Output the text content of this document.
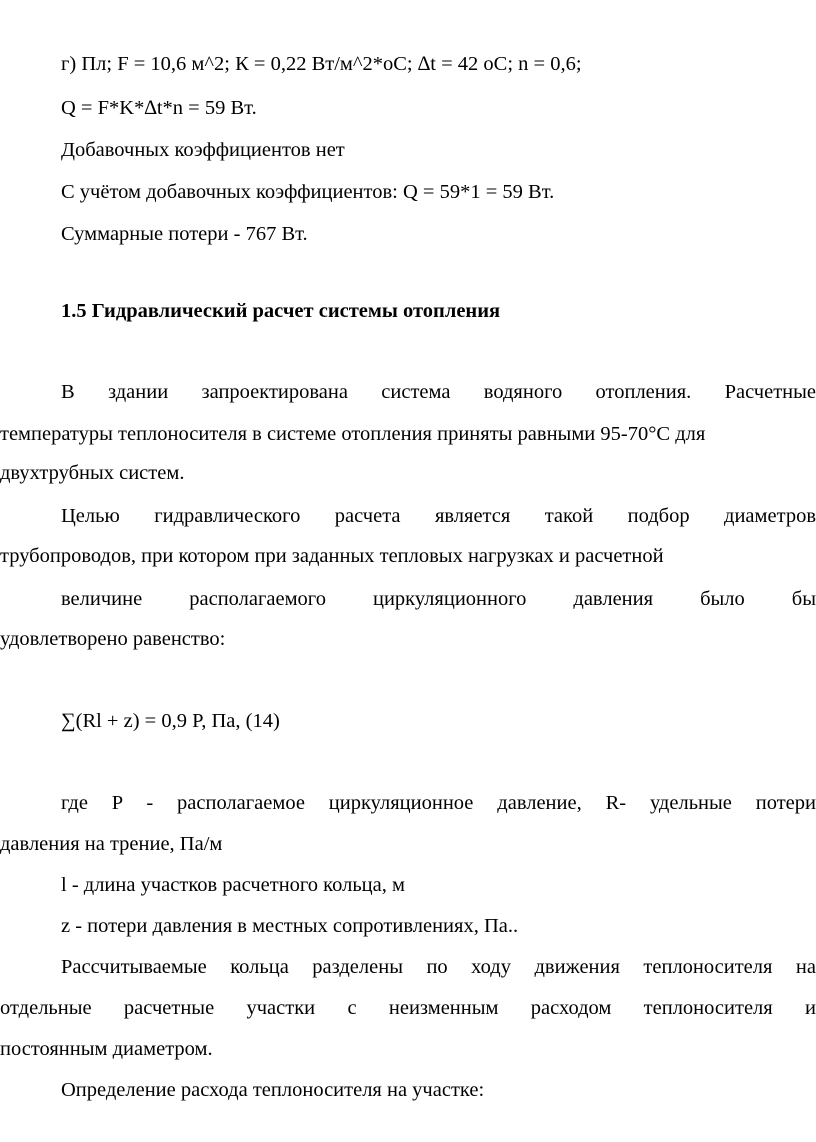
г) Пл; F = 10,6 м^2; К = 0,22 Вт/м^2*оС; ∆t = 42 оС; n = 0,6;
Q = F*K*∆t*n = 59 Вт.
Добавочных коэффициентов нет
С учётом добавочных коэффициентов: Q = 59*1 = 59 Вт.
Суммарные потери - 767 Вт.
1.5 Гидравлический расчет системы отопления
В здании запроектирована система водяного отопления. Расчетные
температуры теплоносителя в системе отопления приняты равными 95-70°C для
двухтрубных систем.
Целью гидравлического расчета является такой подбор диаметров
трубопроводов, при котором при заданных тепловых нагрузках и расчетной
величине располагаемого циркуляционного давления было бы
удовлетворено равенство:
∑(Rl + z) = 0,9 P, Па, (14)
где P - располагаемое циркуляционное давление, R- удельные потери
давления на трение, Па/м
l - длина участков расчетного кольца, м
z - потери давления в местных сопротивлениях, Па..
Рассчитываемые кольца разделены по ходу движения теплоносителя на
отдельные расчетные участки с неизменным расходом теплоносителя и
постоянным диаметром.
Определение расхода теплоносителя на участке:
